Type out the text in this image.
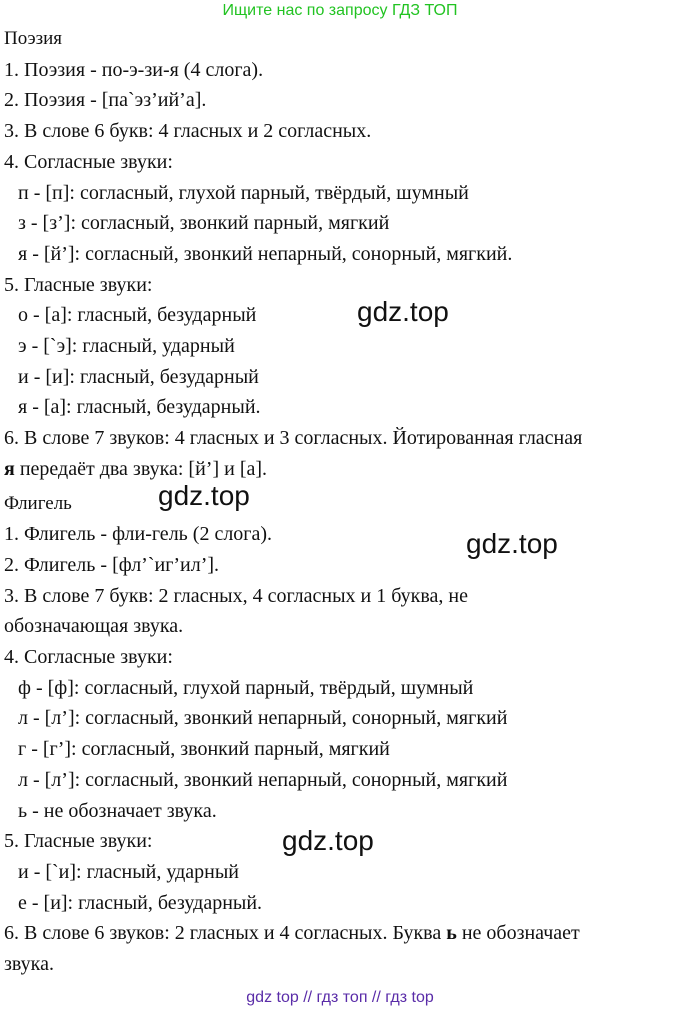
Ищите нас по запросу ГДЗ ТОП
Поэзия
1. Поэзия - по-э-зи-я (4 слога).
2. Поэзия - [па`эз’ий’а].
3. В слове 6 букв: 4 гласных и 2 согласных.
4. Согласные звуки:
п - [п]: согласный, глухой парный, твёрдый, шумный
з - [з’]: согласный, звонкий парный, мягкий
я - [й’]: согласный, звонкий непарный, сонорный, мягкий.
5. Гласные звуки:
о - [а]: гласный, безударный
э - [`э]: гласный, ударный
и - [и]: гласный, безударный
я - [а]: гласный, безударный.
6. В слове 7 звуков: 4 гласных и 3 согласных. Йотированная гласная
я передаёт два звука: [й’] и [а].
Флигель
1. Флигель - фли-гель (2 слога).
2. Флигель - [фл’`иг’ил’].
3. В слове 7 букв: 2 гласных, 4 согласных и 1 буква, не
обозначающая звука.
4. Согласные звуки:
ф - [ф]: согласный, глухой парный, твёрдый, шумный
л - [л’]: согласный, звонкий непарный, сонорный, мягкий
г - [г’]: согласный, звонкий парный, мягкий
л - [л’]: согласный, звонкий непарный, сонорный, мягкий
ь - не обозначает звука.
5. Гласные звуки:
и - [`и]: гласный, ударный
е - [и]: гласный, безударный.
6. В слове 6 звуков: 2 гласных и 4 согласных. Буква ь не обозначает
звука.
gdz.top
gdz.top
gdz.top
gdz.top
gdz top // гдз топ // гдз top
